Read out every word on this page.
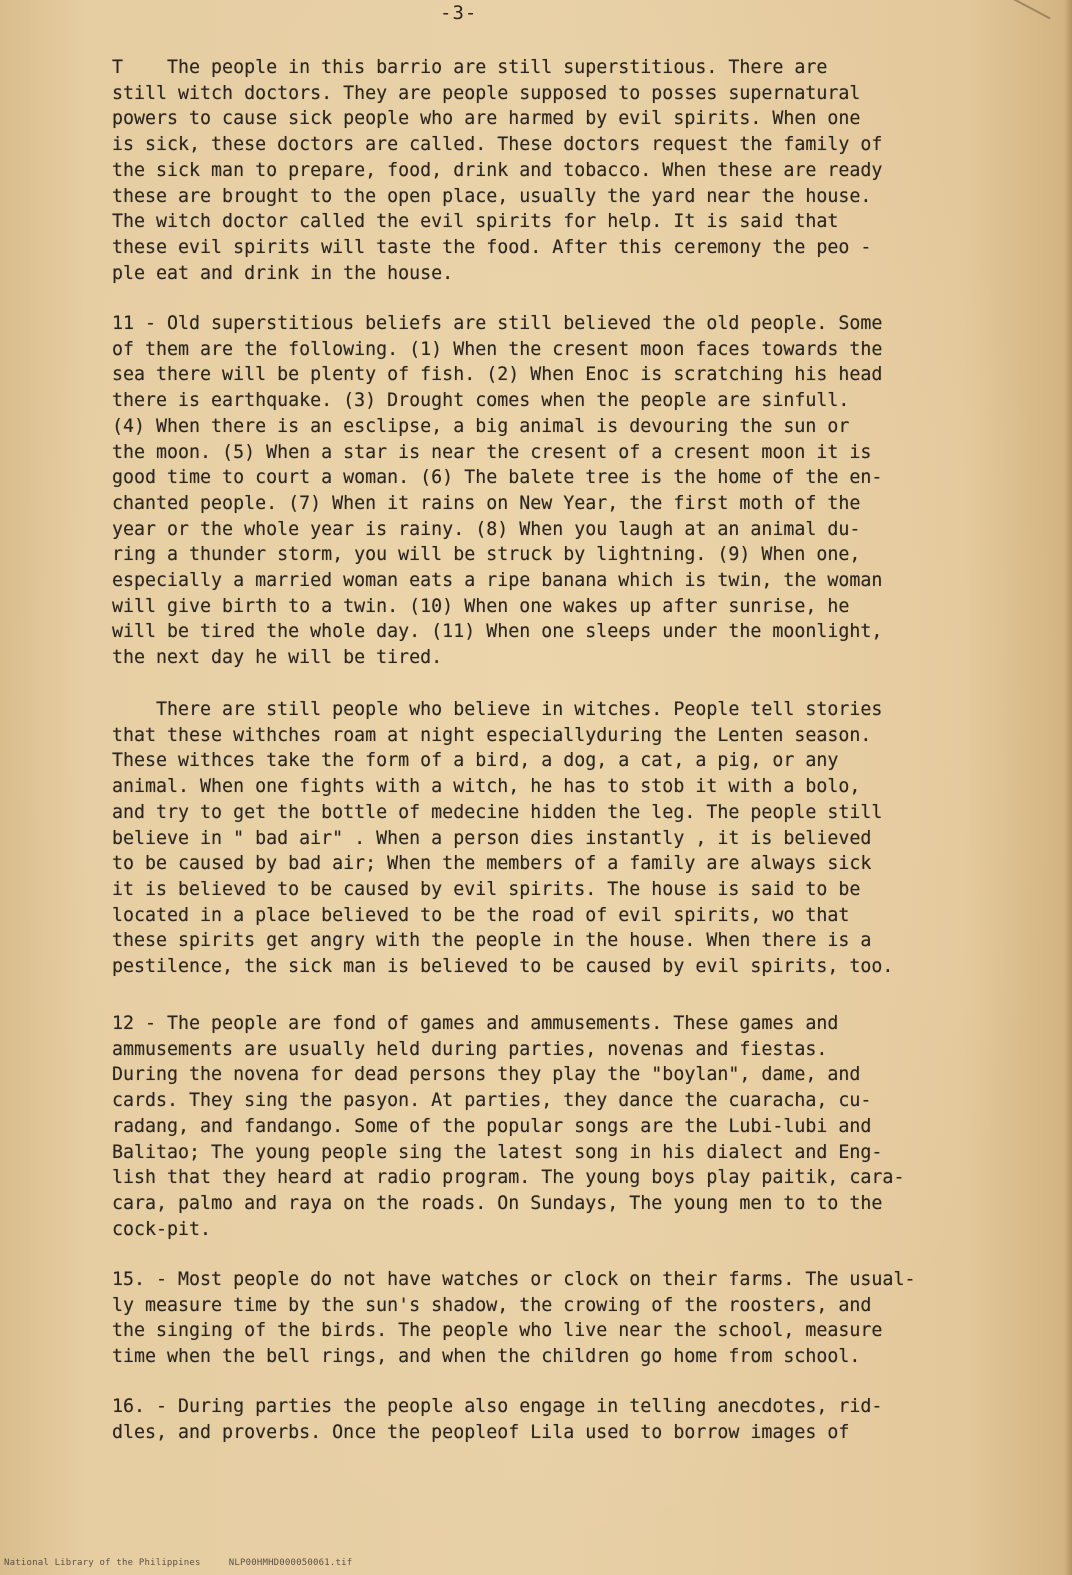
-3-

T    The people in this barrio are still superstitious. There are
still witch doctors. They are people supposed to posses supernatural
powers to cause sick people who are harmed by evil spirits. When one
is sick, these doctors are called. These doctors request the family of
the sick man to prepare, food, drink and tobacco. When these are ready
these are brought to the open place, usually the yard near the house.
The witch doctor called the evil spirits for help. It is said that
these evil spirits will taste the food. After this ceremony the peo -
ple eat and drink in the house.

11 - Old superstitious beliefs are still believed the old people. Some
of them are the following. (1) When the cresent moon faces towards the
sea there will be plenty of fish. (2) When Enoc is scratching his head
there is earthquake. (3) Drought comes when the people are sinfull.
(4) When there is an esclipse, a big animal is devouring the sun or
the moon. (5) When a star is near the cresent of a cresent moon it is
good time to court a woman. (6) The balete tree is the home of the en-
chanted people. (7) When it rains on New Year, the first moth of the
year or the whole year is rainy. (8) When you laugh at an animal du-
ring a thunder storm, you will be struck by lightning. (9) When one,
especially a married woman eats a ripe banana which is twin, the woman
will give birth to a twin. (10) When one wakes up after sunrise, he
will be tired the whole day. (11) When one sleeps under the moonlight,
the next day he will be tired.

There are still people who believe in witches. People tell stories
that these withches roam at night especiallyduring the Lenten season.
These withces take the form of a bird, a dog, a cat, a pig, or any
animal. When one fights with a witch, he has to stob it with a bolo,
and try to get the bottle of medecine hidden the leg. The people still
believe in " bad air" . When a person dies instantly , it is believed
to be caused by bad air; When the members of a family are always sick
it is believed to be caused by evil spirits. The house is said to be
located in a place believed to be the road of evil spirits, wo that
these spirits get angry with the people in the house. When there is a
pestilence, the sick man is believed to be caused by evil spirits, too.

12 - The people are fond of games and ammusements. These games and
ammusements are usually held during parties, novenas and fiestas.
During the novena for dead persons they play the "boylan", dame, and
cards. They sing the pasyon. At parties, they dance the cuaracha, cu-
radang, and fandango. Some of the popular songs are the Lubi-lubi and
Balitao; The young people sing the latest song in his dialect and Eng-
lish that they heard at radio program. The young boys play paitik, cara-
cara, palmo and raya on the roads. On Sundays, The young men to to the
cock-pit.

15. - Most people do not have watches or clock on their farms. The usual-
ly measure time by the sun's shadow, the crowing of the roosters, and
the singing of the birds. The people who live near the school, measure
time when the bell rings, and when the children go home from school.

16. - During parties the people also engage in telling anecdotes, rid-
dles, and proverbs. Once the peopleof Lila used to borrow images of

National Library of the Philippines     NLP00HMHD000050061.tif
